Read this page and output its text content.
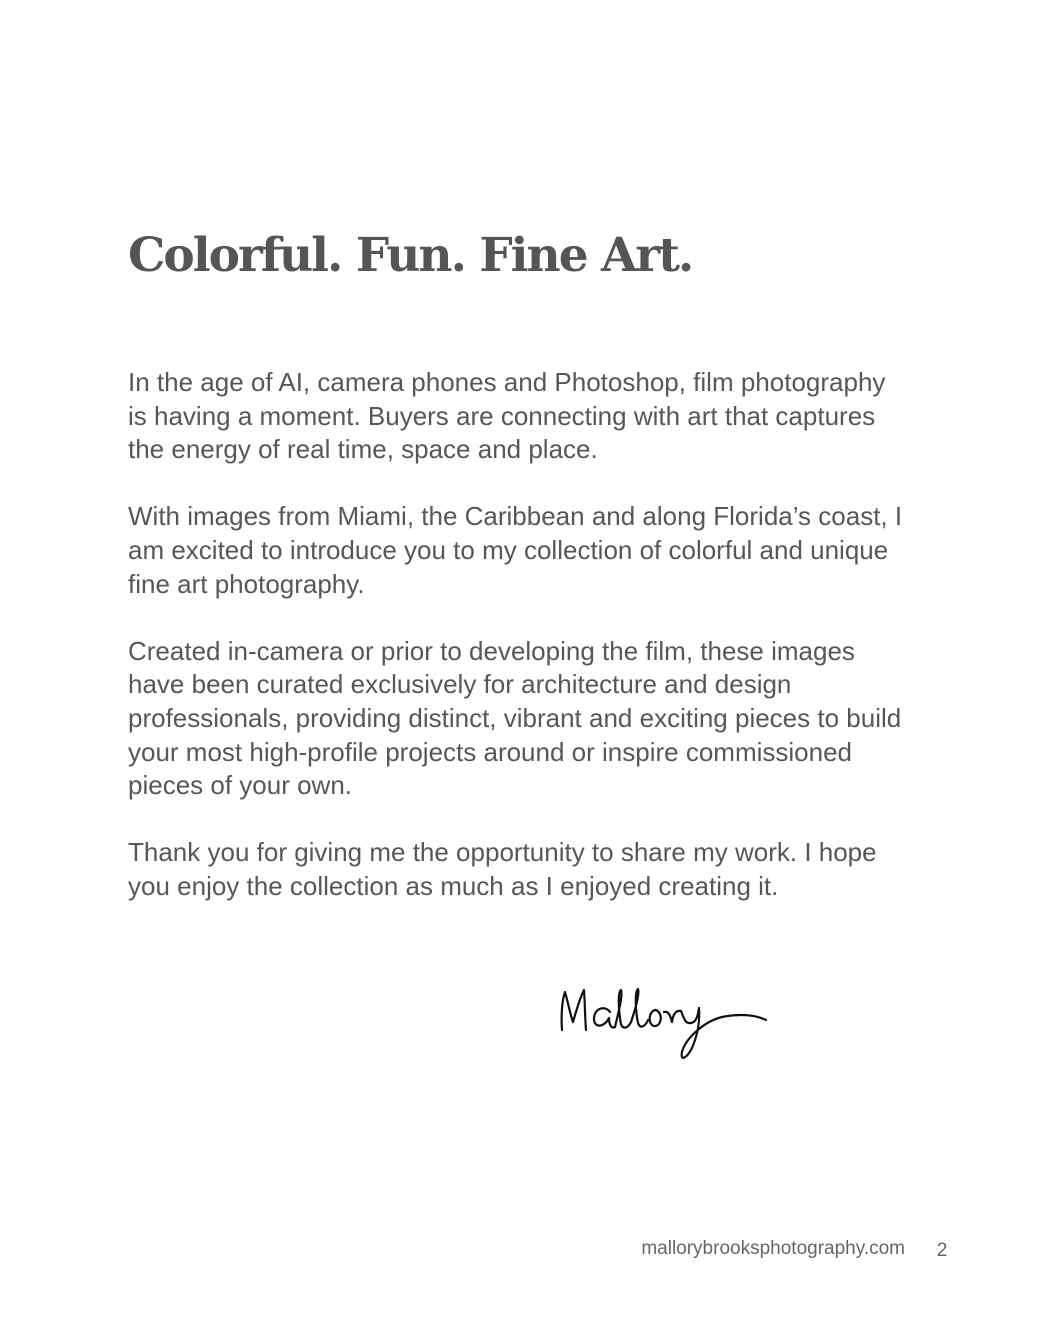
Colorful. Fun. Fine Art.

In the age of AI, camera phones and Photoshop, film photography is having a moment. Buyers are connecting with art that captures the energy of real time, space and place.

With images from Miami, the Caribbean and along Florida’s coast, I am excited to introduce you to my collection of colorful and unique fine art photography.

Created in-camera or prior to developing the film, these images have been curated exclusively for architecture and design professionals, providing distinct, vibrant and exciting pieces to build your most high-profile projects around or inspire commissioned pieces of your own.

Thank you for giving me the opportunity to share my work. I hope you enjoy the collection as much as I enjoyed creating it.

mallorybrooksphotography.com	2
